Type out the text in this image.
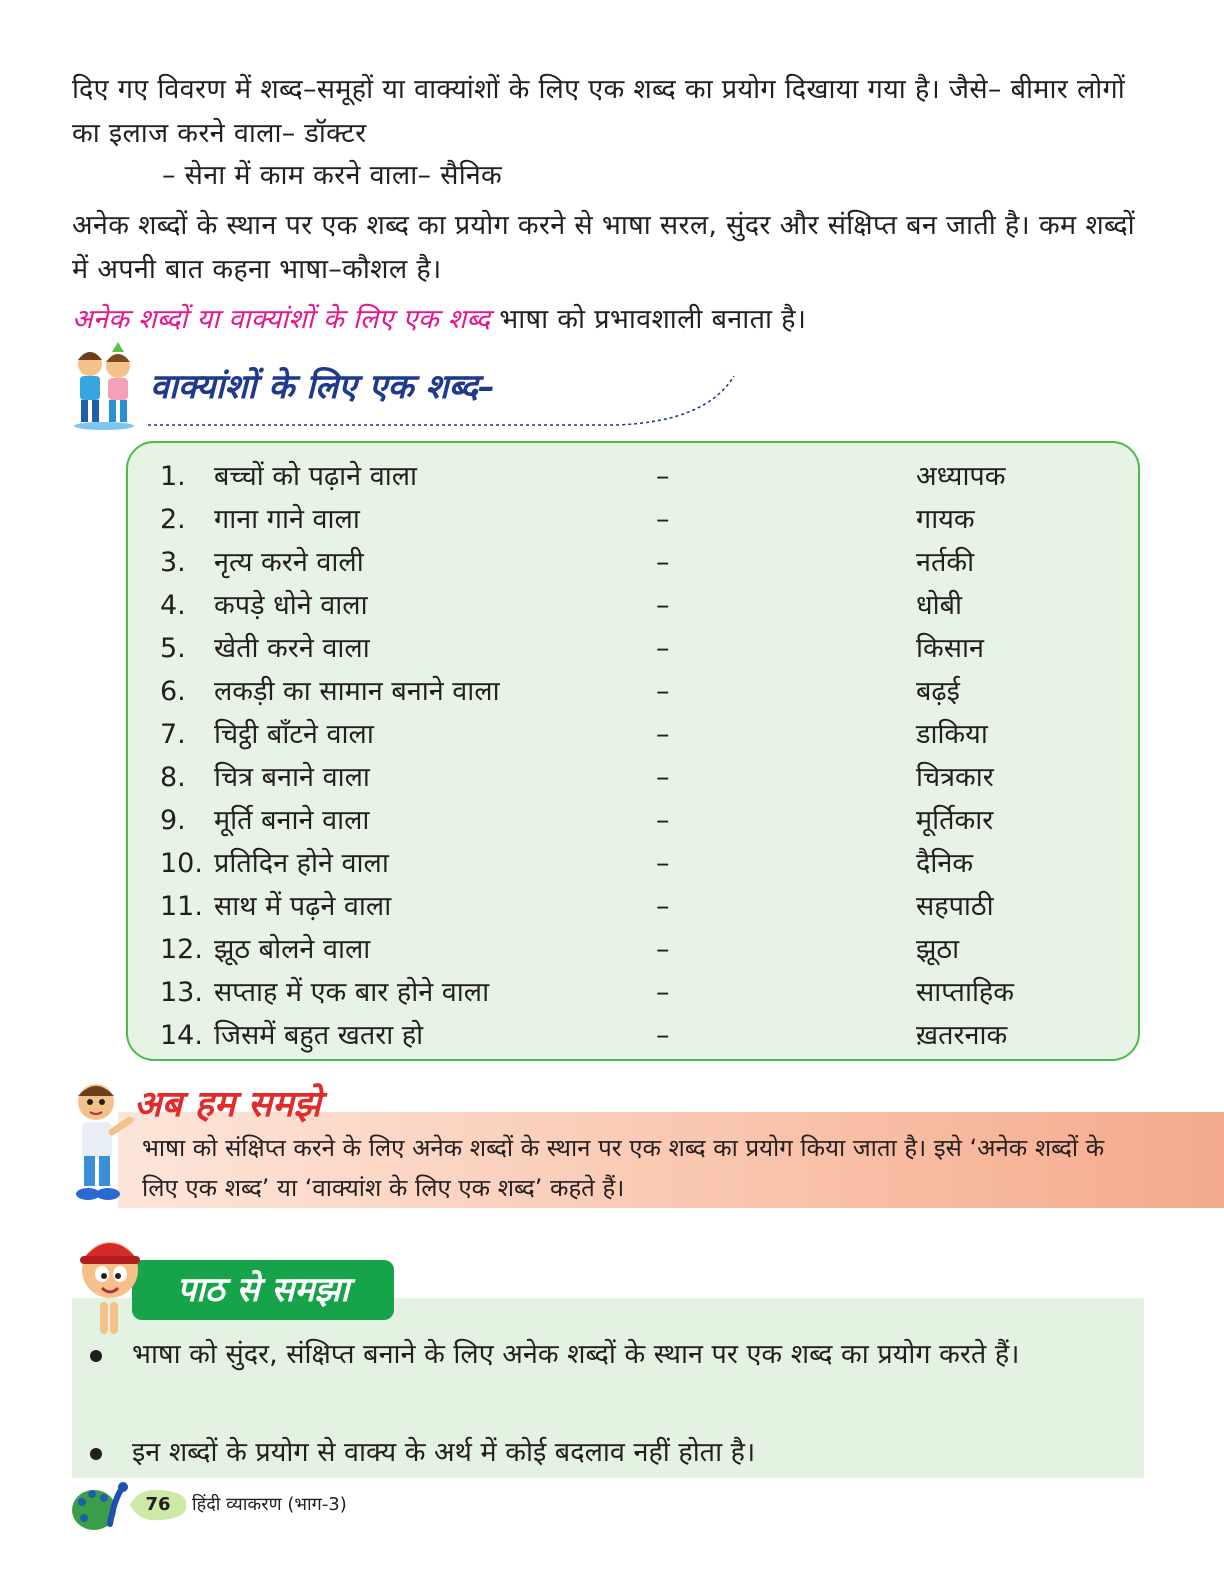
दिए गए विवरण में शब्द–समूहों या वाक्यांशों के लिए एक शब्द का प्रयोग दिखाया गया है। जैसे– बीमार लोगों का इलाज करने वाला– डॉक्टर
– सेना में काम करने वाला– सैनिक
अनेक शब्दों के स्थान पर एक शब्द का प्रयोग करने से भाषा सरल, सुंदर और संक्षिप्त बन जाती है। कम शब्दों में अपनी बात कहना भाषा–कौशल है।
अनेक शब्दों या वाक्यांशों के लिए एक शब्द भाषा को प्रभावशाली बनाता है।
वाक्यांशों के लिए एक शब्द–
1.	बच्चों को पढ़ाने वाला	–	अध्यापक
2.	गाना गाने वाला	–	गायक
3.	नृत्य करने वाली	–	नर्तकी
4.	कपड़े धोने वाला	–	धोबी
5.	खेती करने वाला	–	किसान
6.	लकड़ी का सामान बनाने वाला	–	बढ़ई
7.	चिट्ठी बाँटने वाला	–	डाकिया
8.	चित्र बनाने वाला	–	चित्रकार
9.	मूर्ति बनाने वाला	–	मूर्तिकार
10. प्रतिदिन होने वाला	–	दैनिक
11. साथ में पढ़ने वाला	–	सहपाठी
12. झूठ बोलने वाला	–	झूठा
13. सप्ताह में एक बार होने वाला	–	साप्ताहिक
14. जिसमें बहुत खतरा हो	–	ख़तरनाक
अब हम समझे
भाषा को संक्षिप्त करने के लिए अनेक शब्दों के स्थान पर एक शब्द का प्रयोग किया जाता है। इसे ‘अनेक शब्दों के लिए एक शब्द’ या ‘वाक्यांश के लिए एक शब्द’ कहते हैं।
पाठ से समझा
भाषा को सुंदर, संक्षिप्त बनाने के लिए अनेक शब्दों के स्थान पर एक शब्द का प्रयोग करते हैं।
इन शब्दों के प्रयोग से वाक्य के अर्थ में कोई बदलाव नहीं होता है।
76	हिंदी व्याकरण (भाग-3)
